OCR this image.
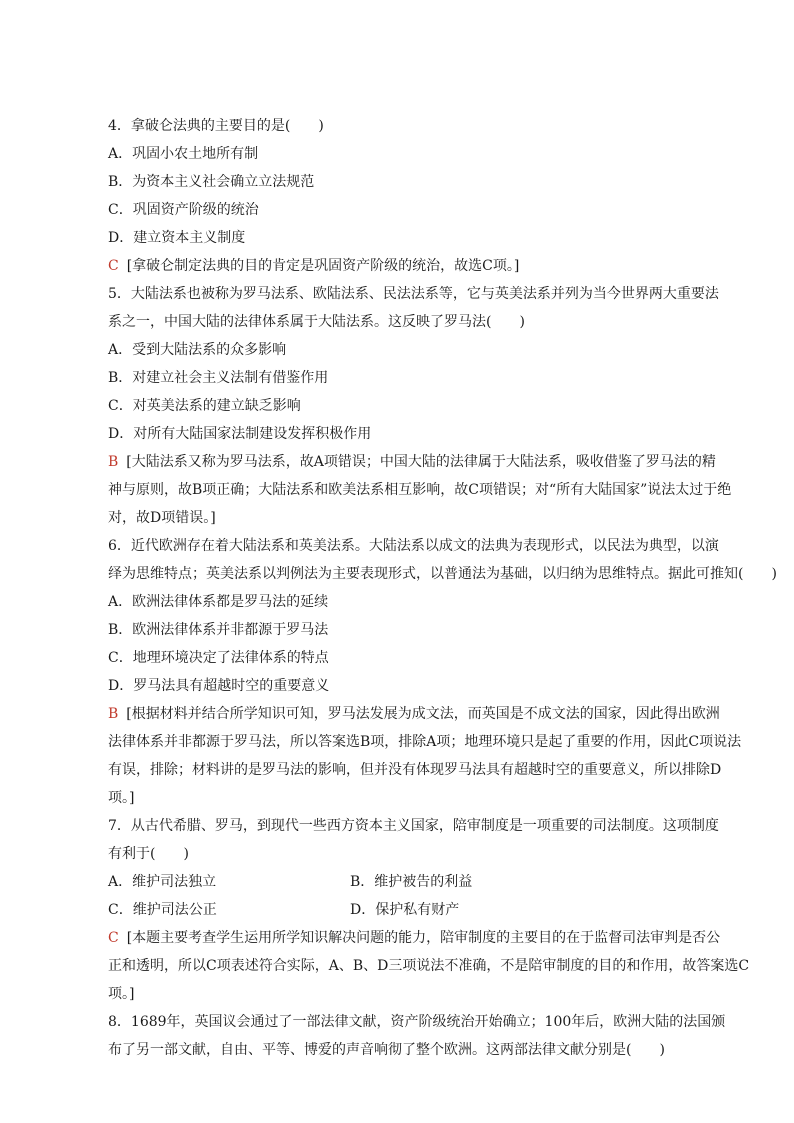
4．拿破仑法典的主要目的是(　　)
A．巩固小农土地所有制
B．为资本主义社会确立立法规范
C．巩固资产阶级的统治
D．建立资本主义制度
C [拿破仑制定法典的目的肯定是巩固资产阶级的统治，故选C项。]
5．大陆法系也被称为罗马法系、欧陆法系、民法法系等，它与英美法系并列为当今世界两大重要法
系之一，中国大陆的法律体系属于大陆法系。这反映了罗马法(　　)
A．受到大陆法系的众多影响
B．对建立社会主义法制有借鉴作用
C．对英美法系的建立缺乏影响
D．对所有大陆国家法制建设发挥积极作用
B [大陆法系又称为罗马法系，故A项错误；中国大陆的法律属于大陆法系，吸收借鉴了罗马法的精
神与原则，故B项正确；大陆法系和欧美法系相互影响，故C项错误；对“所有大陆国家”说法太过于绝
对，故D项错误。]
6．近代欧洲存在着大陆法系和英美法系。大陆法系以成文的法典为表现形式，以民法为典型，以演
绎为思维特点；英美法系以判例法为主要表现形式，以普通法为基础，以归纳为思维特点。据此可推知(　　)
A．欧洲法律体系都是罗马法的延续
B．欧洲法律体系并非都源于罗马法
C．地理环境决定了法律体系的特点
D．罗马法具有超越时空的重要意义
B [根据材料并结合所学知识可知，罗马法发展为成文法，而英国是不成文法的国家，因此得出欧洲
法律体系并非都源于罗马法，所以答案选B项，排除A项；地理环境只是起了重要的作用，因此C项说法
有误，排除；材料讲的是罗马法的影响，但并没有体现罗马法具有超越时空的重要意义，所以排除D
项。]
7．从古代希腊、罗马，到现代一些西方资本主义国家，陪审制度是一项重要的司法制度。这项制度
有利于(　　)
A．维护司法独立	B．维护被告的利益
C．维护司法公正	D．保护私有财产
C [本题主要考查学生运用所学知识解决问题的能力，陪审制度的主要目的在于监督司法审判是否公
正和透明，所以C项表述符合实际，A、B、D三项说法不准确，不是陪审制度的目的和作用，故答案选C
项。]
8．1689年，英国议会通过了一部法律文献，资产阶级统治开始确立；100年后，欧洲大陆的法国颁
布了另一部文献，自由、平等、博爱的声音响彻了整个欧洲。这两部法律文献分别是(　　)
